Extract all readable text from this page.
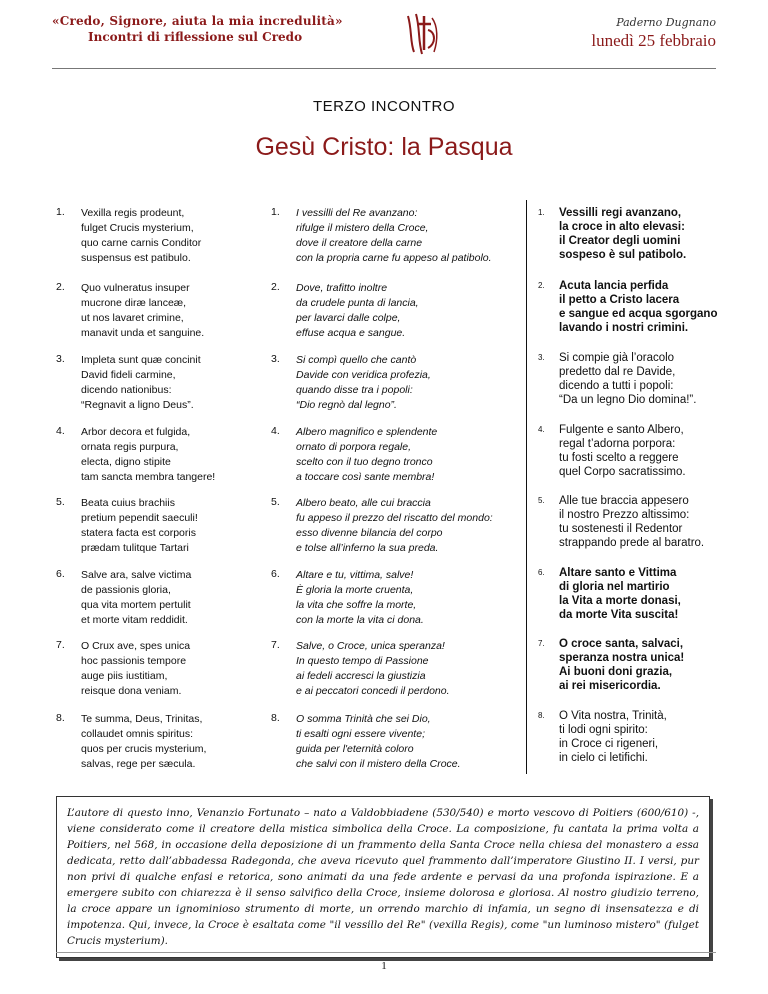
«Credo, Signore, aiuta la mia incredulità»
Incontri di riflessione sul Credo
Paderno Dugnano
lunedì 25 febbraio
TERZO INCONTRO
Gesù Cristo: la Pasqua
1. Vexilla regis prodeunt,
fulget Crucis mysterium,
quo carne carnis Conditor
suspensus est patibulo.
2. Quo vulneratus insuper
mucrone diræ lanceæ,
ut nos lavaret crimine,
manavit unda et sanguine.
3. Impleta sunt quæ concinit
David fideli carmine,
dicendo nationibus:
“Regnavit a ligno Deus”.
4. Arbor decora et fulgida,
ornata regis purpura,
electa, digno stipite
tam sancta membra tangere!
5. Beata cuius brachiis
pretium pependit saeculi!
statera facta est corporis
prædam tulitque Tartari
6. Salve ara, salve victima
de passionis gloria,
qua vita mortem pertulit
et morte vitam reddidit.
7. O Crux ave, spes unica
hoc passionis tempore
auge piis iustitiam,
reisque dona veniam.
8. Te summa, Deus, Trinitas,
collaudet omnis spiritus:
quos per crucis mysterium,
salvas, rege per sæcula.
1. I vessilli del Re avanzano:
rifulge il mistero della Croce,
dove il creatore della carne
con la propria carne fu appeso al patibolo.
2. Dove, trafitto inoltre
da crudele punta di lancia,
per lavarci dalle colpe,
effuse acqua e sangue.
3. Si compì quello che cantò
Davide con veridica profezia,
quando disse tra i popoli:
“Dio regnò dal legno”.
4. Albero magnifico e splendente
ornato di porpora regale,
scelto con il tuo degno tronco
a toccare così sante membra!
5. Albero beato, alle cui braccia
fu appeso il prezzo del riscatto del mondo:
esso divenne bilancia del corpo
e tolse all’inferno la sua preda.
6. Altare e tu, vittima, salve!
È gloria la morte cruenta,
la vita che soffre la morte,
con la morte la vita ci dona.
7. Salve, o Croce, unica speranza!
In questo tempo di Passione
ai fedeli accresci la giustizia
e ai peccatori concedi il perdono.
8. O somma Trinità che sei Dio,
ti esalti ogni essere vivente;
guida per l'eternità coloro
che salvi con il mistero della Croce.
1. Vessilli regi avanzano,
la croce in alto elevasi:
il Creator degli uomini
sospeso è sul patibolo.
2. Acuta lancia perfida
il petto a Cristo lacera
e sangue ed acqua sgorgano
lavando i nostri crimini.
3. Si compie già l’oracolo
predetto dal re Davide,
dicendo a tutti i popoli:
“Da un legno Dio domina!”.
4. Fulgente e santo Albero,
regal t’adorna porpora:
tu fosti scelto a reggere
quel Corpo sacratissimo.
5. Alle tue braccia appesero
il nostro Prezzo altissimo:
tu sostenesti il Redentor
strappando prede al baratro.
6. Altare santo e Vittima
di gloria nel martirio
la Vita a morte donasi,
da morte Vita suscita!
7. O croce santa, salvaci,
speranza nostra unica!
Ai buoni doni grazia,
ai rei misericordia.
8. O Vita nostra, Trinità,
ti lodi ogni spirito:
in Croce ci rigeneri,
in cielo ci letifichi.
L’autore di questo inno, Venanzio Fortunato – nato a Valdobbiadene (530/540) e morto vescovo di Poitiers (600/610) -, viene considerato come il creatore della mistica simbolica della Croce. La composizione, fu cantata la prima volta a Poitiers, nel 568, in occasione della deposizione di un frammento della Santa Croce nella chiesa del monastero a essa dedicata, retto dall’abbadessa Radegonda, che aveva ricevuto quel frammento dall’imperatore Giustino II. I versi, pur non privi di qualche enfasi e retorica, sono animati da una fede ardente e pervasi da una profonda ispirazione. E a emergere subito con chiarezza è il senso salvifico della Croce, insieme dolorosa e gloriosa. Al nostro giudizio terreno, la croce appare un ignominioso strumento di morte, un orrendo marchio di infamia, un segno di insensatezza e di impotenza. Qui, invece, la Croce è esaltata come "il vessillo del Re" (vexilla Regis), come "un luminoso mistero" (fulget Crucis mysterium).
1
